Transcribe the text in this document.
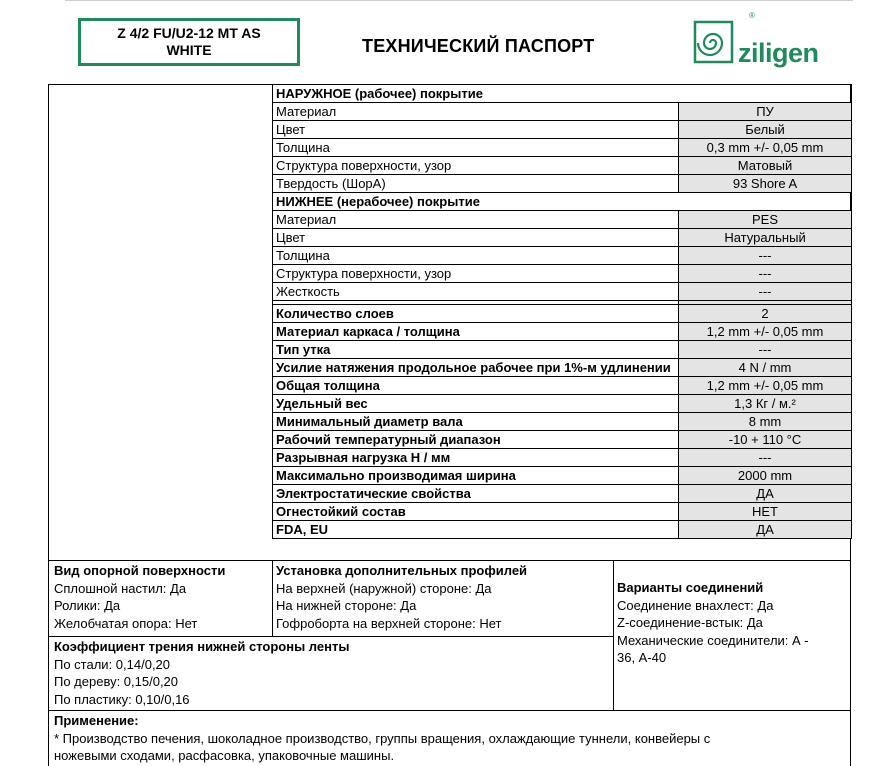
Z 4/2 FU/U2-12 MT AS
WHITE	ТЕХНИЧЕСКИЙ ПАСПОРТ
®
ziligen
НАРУЖНОЕ (рабочее) покрытие	
Материал	ПУ
Цвет	Белый
Толщина	0,3 mm +/- 0,05 mm
Структура поверхности, узор	Матовый
Твердость (ШорА)	93 Shore A
НИЖНЕЕ (нерабочее) покрытие	
Материал	PES
Цвет	Натуральный
Толщина	---
Структура поверхности, узор	---
Жесткость	---

Количество слоев	2
Материал каркаса / толщина	1,2 mm +/- 0,05 mm
Тип утка	---
Усилие натяжения продольное рабочее при 1%-м удлинении	4 N / mm
Общая толщина	1,2 mm +/- 0,05 mm
Удельный вес	1,3 Кг / м.²
Минимальный диаметр вала	8 mm
Рабочий температурный диапазон	-10 + 110 °С
Разрывная нагрузка Н / мм	---
Максимально производимая ширина	2000 mm
Электростатические свойства	ДА
Огнестойкий состав	НЕТ
FDA, EU	ДА
Вид опорной поверхности
Сплошной настил: Да
Ролики: Да
Желобчатая опора: Нет
Установка дополнительных профилей
На верхней (наружной) стороне: Да
На нижней стороне: Да
Гофроборта на верхней стороне: Нет
Варианты соединений
Соединение внахлест: Да
Z-соединение-встык: Да
Механические соединители: А -
36, А-40
Коэффициент трения нижней стороны ленты
По стали: 0,14/0,20
По дереву: 0,15/0,20
По пластику: 0,10/0,16
Применение:
* Производство печения, шоколадное производство, группы вращения, охлаждающие туннели, конвейеры с
ножевыми сходами, расфасовка, упаковочные машины.
